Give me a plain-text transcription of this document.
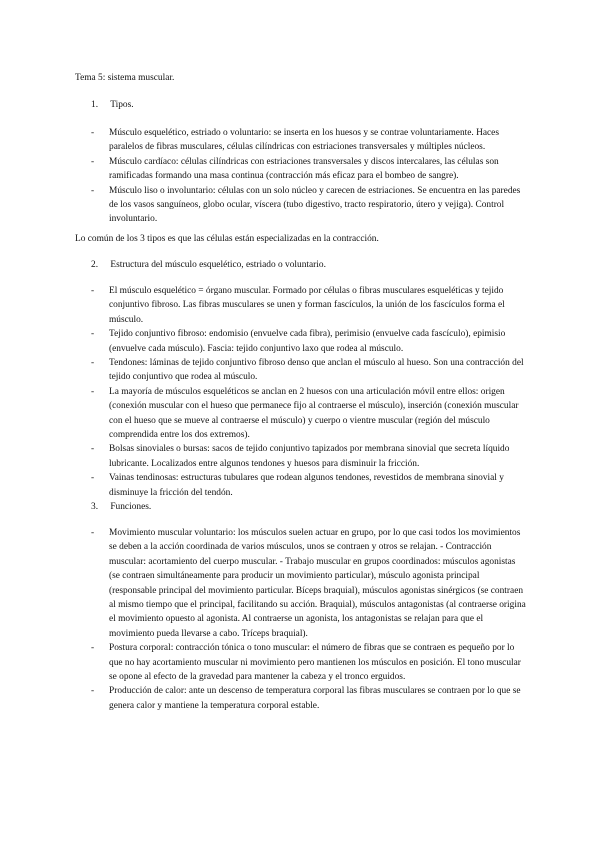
Tema 5: sistema muscular.
1. Tipos.
- Músculo esquelético, estriado o voluntario: se inserta en los huesos y se contrae voluntariamente. Haces paralelos de fibras musculares, células cilíndricas con estriaciones transversales y múltiples núcleos.
- Músculo cardíaco: células cilíndricas con estriaciones transversales y discos intercalares, las células son ramificadas formando una masa continua (contracción más eficaz para el bombeo de sangre).
- Músculo liso o involuntario: células con un solo núcleo y carecen de estriaciones. Se encuentra en las paredes de los vasos sanguíneos, globo ocular, víscera (tubo digestivo, tracto respiratorio, útero y vejiga). Control involuntario.
Lo común de los 3 tipos es que las células están especializadas en la contracción.
2. Estructura del músculo esquelético, estriado o voluntario.
- El músculo esquelético = órgano muscular. Formado por células o fibras musculares esqueléticas y tejido conjuntivo fibroso. Las fibras musculares se unen y forman fascículos, la unión de los fascículos forma el músculo.
- Tejido conjuntivo fibroso: endomisio (envuelve cada fibra), perimisio (envuelve cada fascículo), epimisio (envuelve cada músculo). Fascia: tejido conjuntivo laxo que rodea al músculo.
- Tendones: láminas de tejido conjuntivo fibroso denso que anclan el músculo al hueso. Son una contracción del tejido conjuntivo que rodea al músculo.
- La mayoría de músculos esqueléticos se anclan en 2 huesos con una articulación móvil entre ellos: origen (conexión muscular con el hueso que permanece fijo al contraerse el músculo), inserción (conexión muscular con el hueso que se mueve al contraerse el músculo) y cuerpo o vientre muscular (región del músculo comprendida entre los dos extremos).
- Bolsas sinoviales o bursas: sacos de tejido conjuntivo tapizados por membrana sinovial que secreta líquido lubricante. Localizados entre algunos tendones y huesos para disminuir la fricción.
- Vainas tendinosas: estructuras tubulares que rodean algunos tendones, revestidos de membrana sinovial y disminuye la fricción del tendón.
3. Funciones.
- Movimiento muscular voluntario: los músculos suelen actuar en grupo, por lo que casi todos los movimientos se deben a la acción coordinada de varios músculos, unos se contraen y otros se relajan. - Contracción muscular: acortamiento del cuerpo muscular. - Trabajo muscular en grupos coordinados: músculos agonistas (se contraen simultáneamente para producir un movimiento particular), músculo agonista principal (responsable principal del movimiento particular. Bíceps braquial), músculos agonistas sinérgicos (se contraen al mismo tiempo que el principal, facilitando su acción. Braquial), músculos antagonistas (al contraerse origina el movimiento opuesto al agonista. Al contraerse un agonista, los antagonistas se relajan para que el movimiento pueda llevarse a cabo. Tríceps braquial).
- Postura corporal: contracción tónica o tono muscular: el número de fibras que se contraen es pequeño por lo que no hay acortamiento muscular ni movimiento pero mantienen los músculos en posición. El tono muscular se opone al efecto de la gravedad para mantener la cabeza y el tronco erguidos.
- Producción de calor: ante un descenso de temperatura corporal las fibras musculares se contraen por lo que se genera calor y mantiene la temperatura corporal estable.
